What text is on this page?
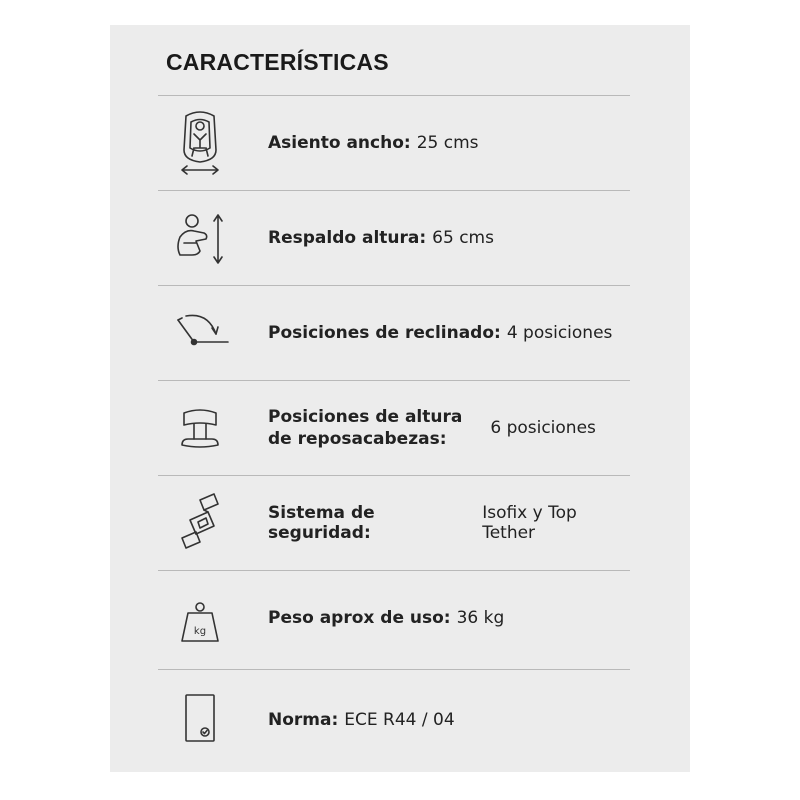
CARACTERÍSTICAS
Asiento ancho: 25 cms
Respaldo altura: 65 cms
Posiciones de reclinado: 4 posiciones
Posiciones de altura
de reposacabezas:
6 posiciones
Sistema de seguridad:
Isofix y Top Tether
kg
Peso aprox de uso: 36 kg
Norma: ECE R44 / 04
